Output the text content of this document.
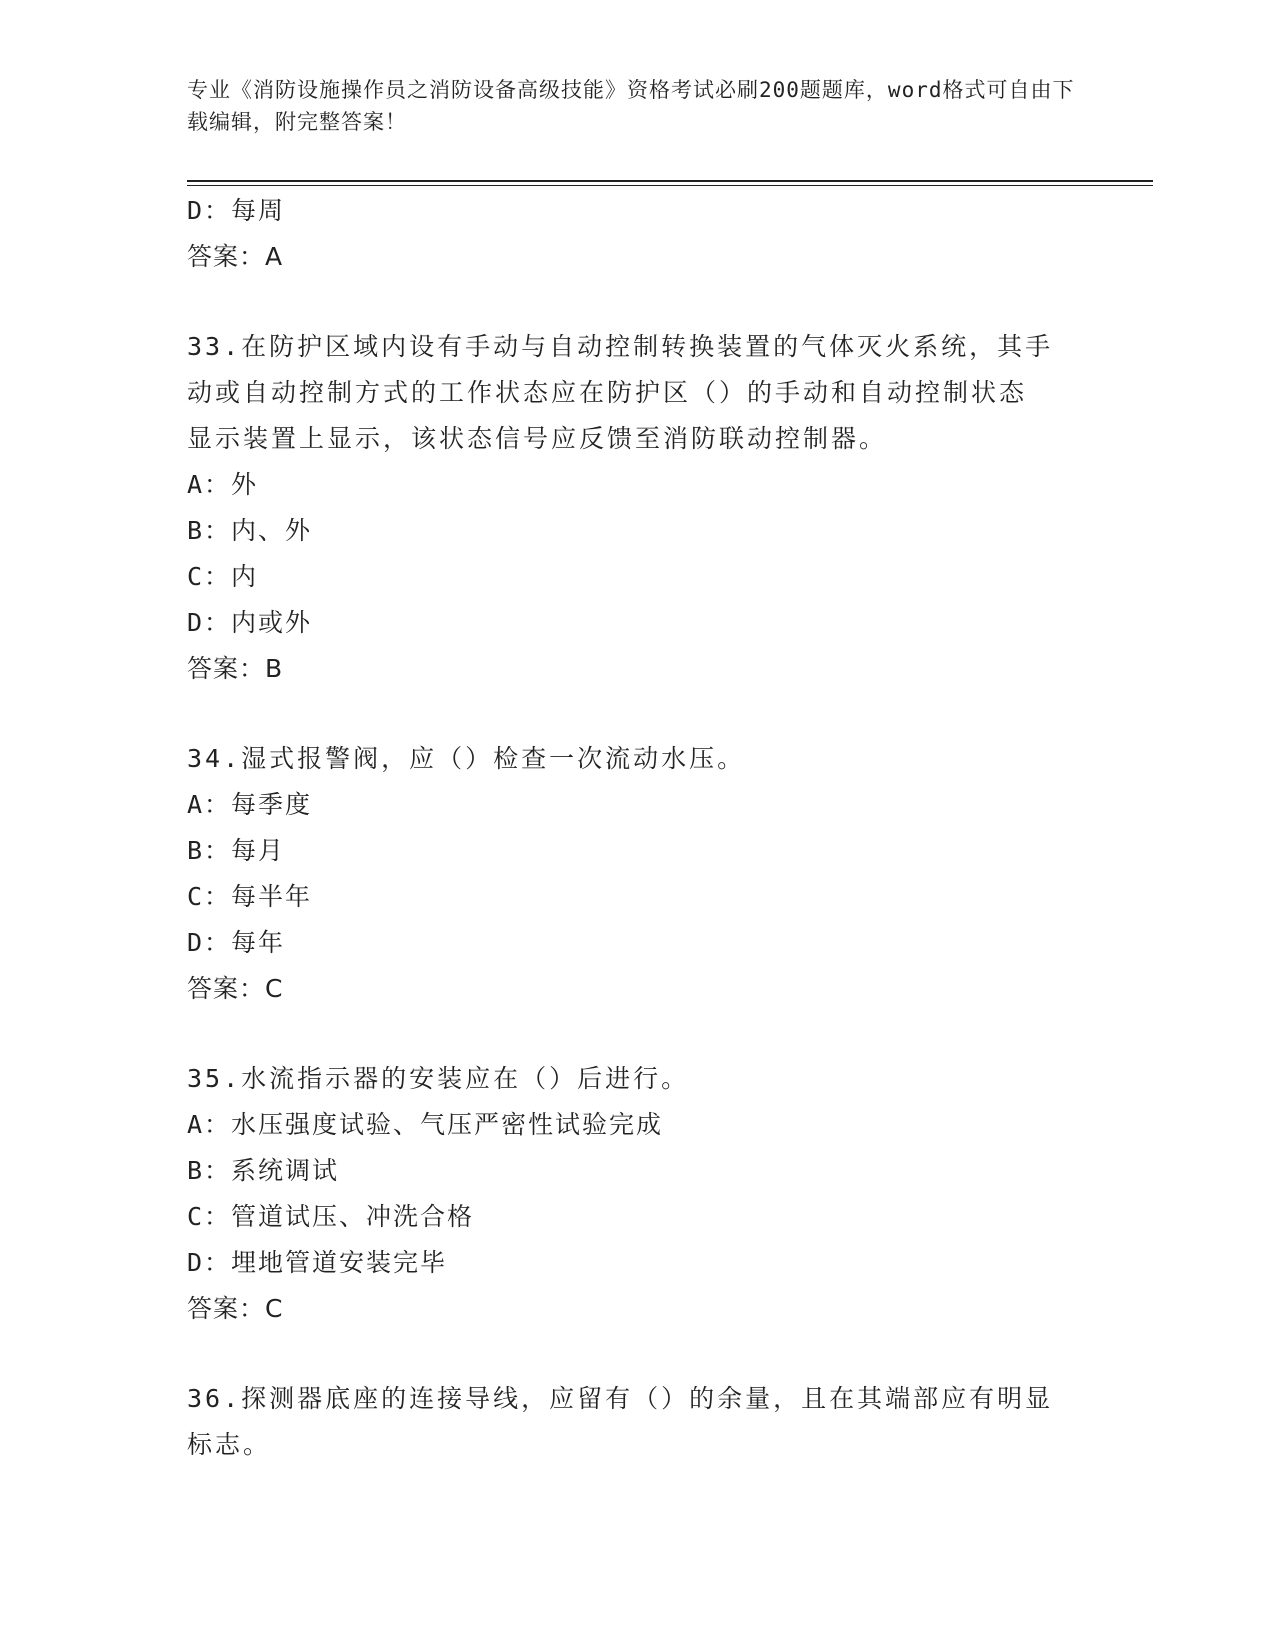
专业《消防设施操作员之消防设备高级技能》资格考试必刷200题题库，word格式可自由下载编辑，附完整答案！
D：每周
答案：A
33.在防护区域内设有手动与自动控制转换装置的气体灭火系统，其手
动或自动控制方式的工作状态应在防护区（）的手动和自动控制状态
显示装置上显示，该状态信号应反馈至消防联动控制器。
A：外
B：内、外
C：内
D：内或外
答案：B
34.湿式报警阀，应（）检查一次流动水压。
A：每季度
B：每月
C：每半年
D：每年
答案：C
35.水流指示器的安装应在（）后进行。
A：水压强度试验、气压严密性试验完成
B：系统调试
C：管道试压、冲洗合格
D：埋地管道安装完毕
答案：C
36.探测器底座的连接导线，应留有（）的余量，且在其端部应有明显
标志。
